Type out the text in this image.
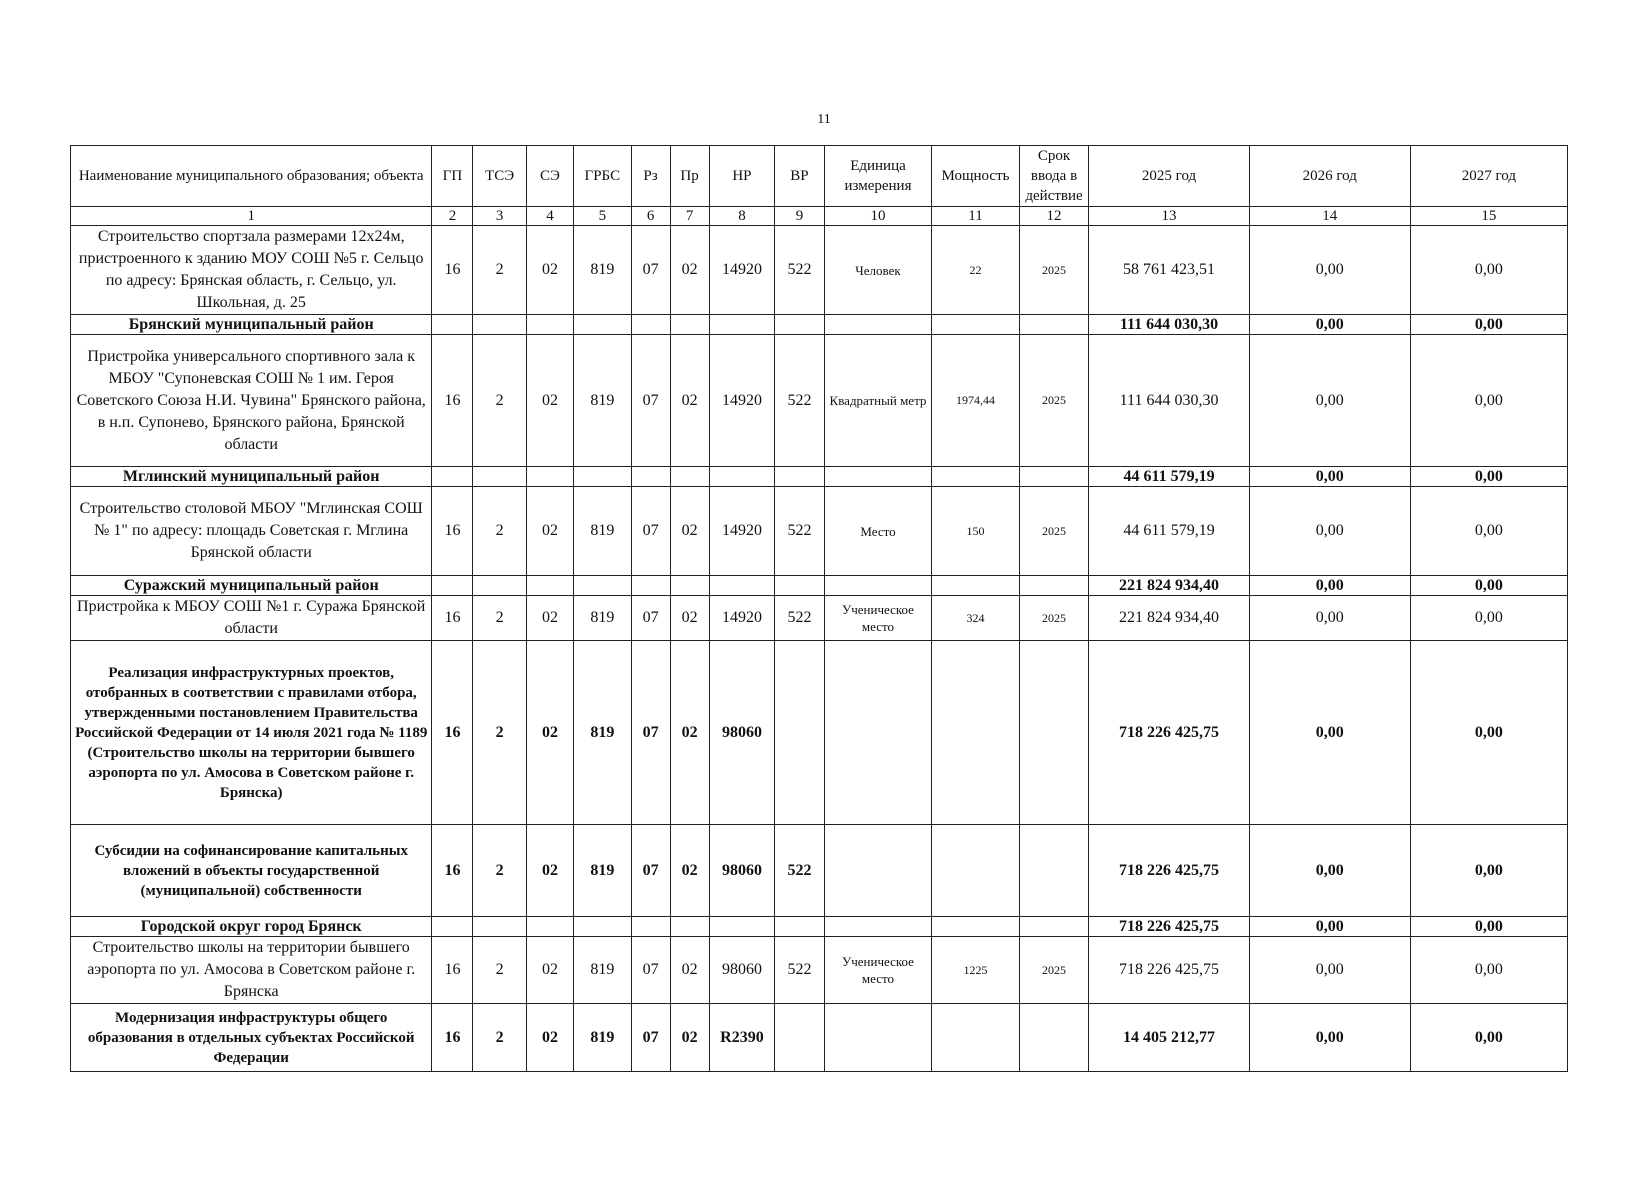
11
Наименование муниципального образования; объекта	ГП	ТСЭ	СЭ	ГРБС	Рз	Пр	НР	ВР	Единица измерения	Мощность	Срок ввода в действие	2025 год	2026 год	2027 год
1	2	3	4	5	6	7	8	9	10	11	12	13	14	15
Строительство спортзала размерами 12х24м, пристроенного к зданию МОУ СОШ №5 г. Сельцо по адресу: Брянская область, г. Сельцо, ул. Школьная, д. 25	16	2	02	819	07	02	14920	522	Человек	22	2025	58 761 423,51	0,00	0,00
Брянский муниципальный район												111 644 030,30	0,00	0,00
Пристройка универсального спортивного зала к МБОУ "Супоневская СОШ № 1 им. Героя Советского Союза Н.И. Чувина" Брянского района, в н.п. Супонево, Брянского района, Брянской области	16	2	02	819	07	02	14920	522	Квадратный метр	1974,44	2025	111 644 030,30	0,00	0,00
Мглинский муниципальный район												44 611 579,19	0,00	0,00
Строительство столовой МБОУ "Мглинская СОШ № 1" по адресу: площадь Советская г. Мглина Брянской области	16	2	02	819	07	02	14920	522	Место	150	2025	44 611 579,19	0,00	0,00
Суражский муниципальный район												221 824 934,40	0,00	0,00
Пристройка к МБОУ СОШ №1 г. Суража Брянской области	16	2	02	819	07	02	14920	522	Ученическое место	324	2025	221 824 934,40	0,00	0,00
Реализация инфраструктурных проектов, отобранных в соответствии с правилами отбора, утвержденными постановлением Правительства Российской Федерации от 14 июля 2021 года № 1189 (Строительство школы на территории бывшего аэропорта по ул. Амосова в Советском районе г. Брянска)	16	2	02	819	07	02	98060					718 226 425,75	0,00	0,00
Субсидии на софинансирование капитальных вложений в объекты государственной (муниципальной) собственности	16	2	02	819	07	02	98060	522				718 226 425,75	0,00	0,00
Городской округ город Брянск												718 226 425,75	0,00	0,00
Строительство школы на территории бывшего аэропорта по ул. Амосова в Советском районе г. Брянска	16	2	02	819	07	02	98060	522	Ученическое место	1225	2025	718 226 425,75	0,00	0,00
Модернизация инфраструктуры общего образования в отдельных субъектах Российской Федерации	16	2	02	819	07	02	R2390					14 405 212,77	0,00	0,00
